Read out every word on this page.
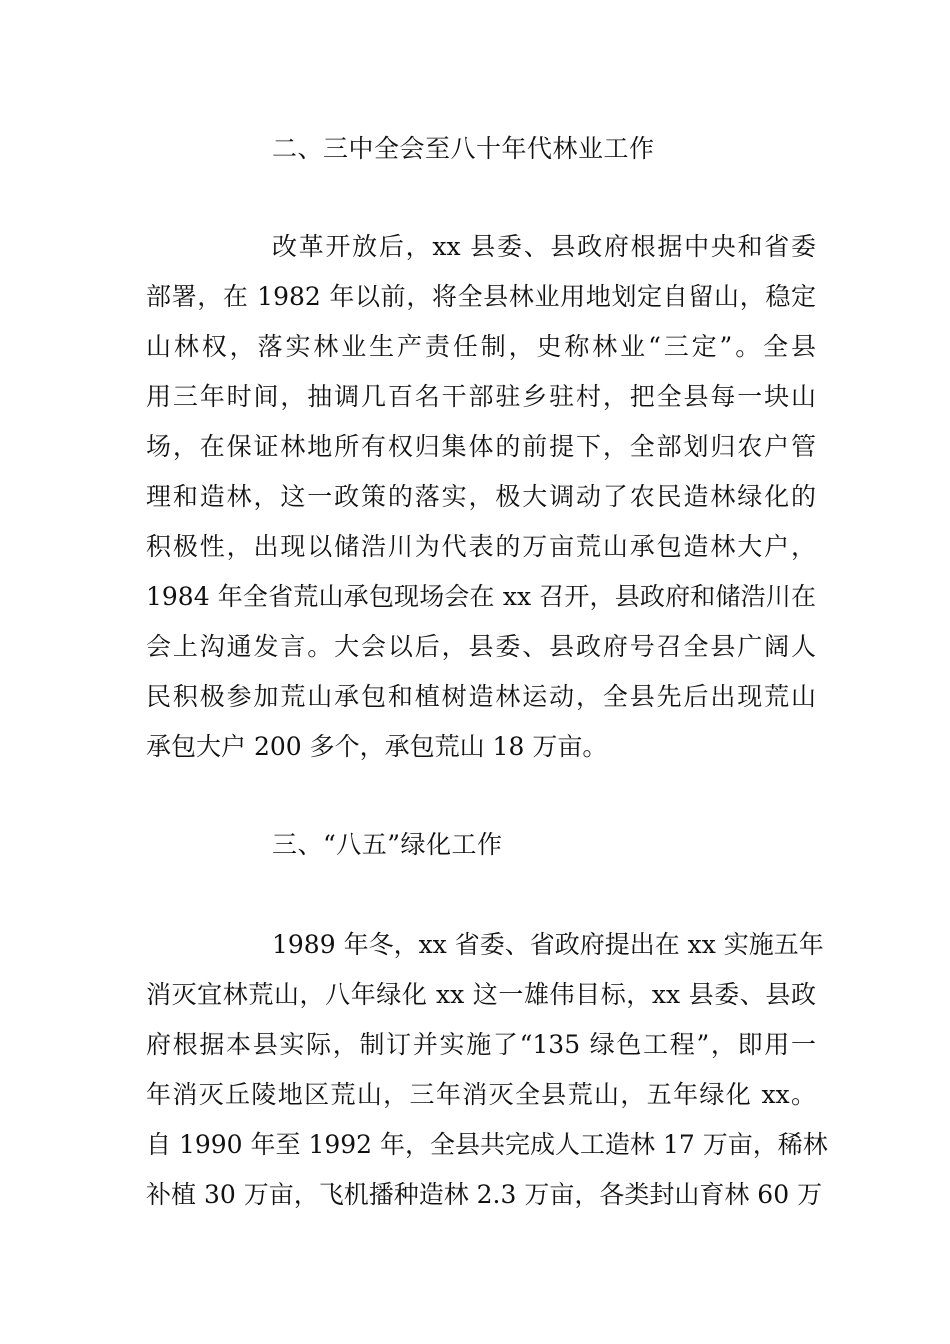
二、三中全会至八十年代林业工作
改革开放后，xx 县委、县政府根据中央和省委
部署，在 1982 年以前，将全县林业用地划定自留山，稳定
山林权，落实林业生产责任制，史称林业“三定”。全县
用三年时间，抽调几百名干部驻乡驻村，把全县每一块山
场，在保证林地所有权归集体的前提下，全部划归农户管
理和造林，这一政策的落实，极大调动了农民造林绿化的
积极性，出现以储浩川为代表的万亩荒山承包造林大户，
1984 年全省荒山承包现场会在 xx 召开，县政府和储浩川在
会上沟通发言。大会以后，县委、县政府号召全县广阔人
民积极参加荒山承包和植树造林运动，全县先后出现荒山
承包大户 200 多个，承包荒山 18 万亩。
三、“八五”绿化工作
1989 年冬，xx 省委、省政府提出在 xx 实施五年
消灭宜林荒山，八年绿化 xx 这一雄伟目标，xx 县委、县政
府根据本县实际，制订并实施了“135 绿色工程”，即用一
年消灭丘陵地区荒山，三年消灭全县荒山，五年绿化 xx。
自 1990 年至 1992 年，全县共完成人工造林 17 万亩，稀林
补植 30 万亩，飞机播种造林 2.3 万亩，各类封山育林 60 万
